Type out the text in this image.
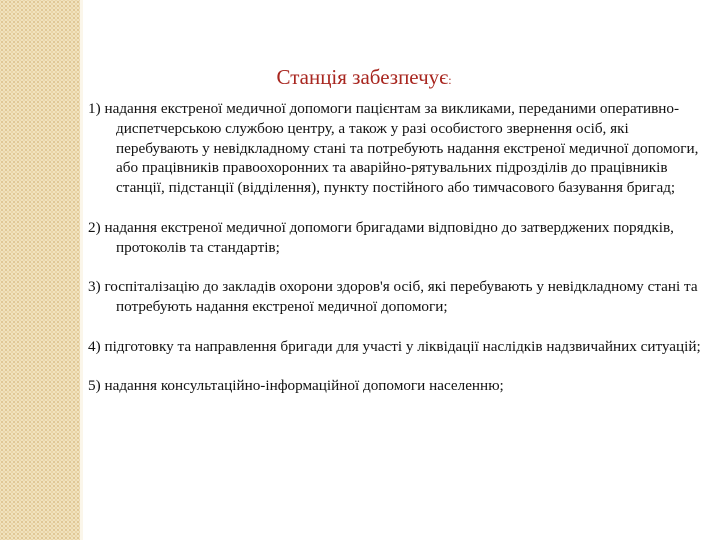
Станція забезпечує:
1) надання екстреної медичної допомоги пацієнтам за викликами, переданими оперативно-диспетчерською службою центру, а також у разі особистого звернення осіб, які перебувають у невідкладному стані та потребують надання екстреної медичної допомоги, або працівників правоохоронних та аварійно-рятувальних підрозділів до працівників станції, підстанції (відділення), пункту постійного або тимчасового базування бригад;
2) надання екстреної медичної допомоги бригадами відповідно до затверджених порядків, протоколів та стандартів;
3) госпіталізацію до закладів охорони здоров'я осіб, які перебувають у невідкладному стані та потребують надання екстреної медичної допомоги;
4) підготовку та направлення бригади для участі у ліквідації наслідків надзвичайних ситуацій;
5) надання консультаційно-інформаційної допомоги населенню;
